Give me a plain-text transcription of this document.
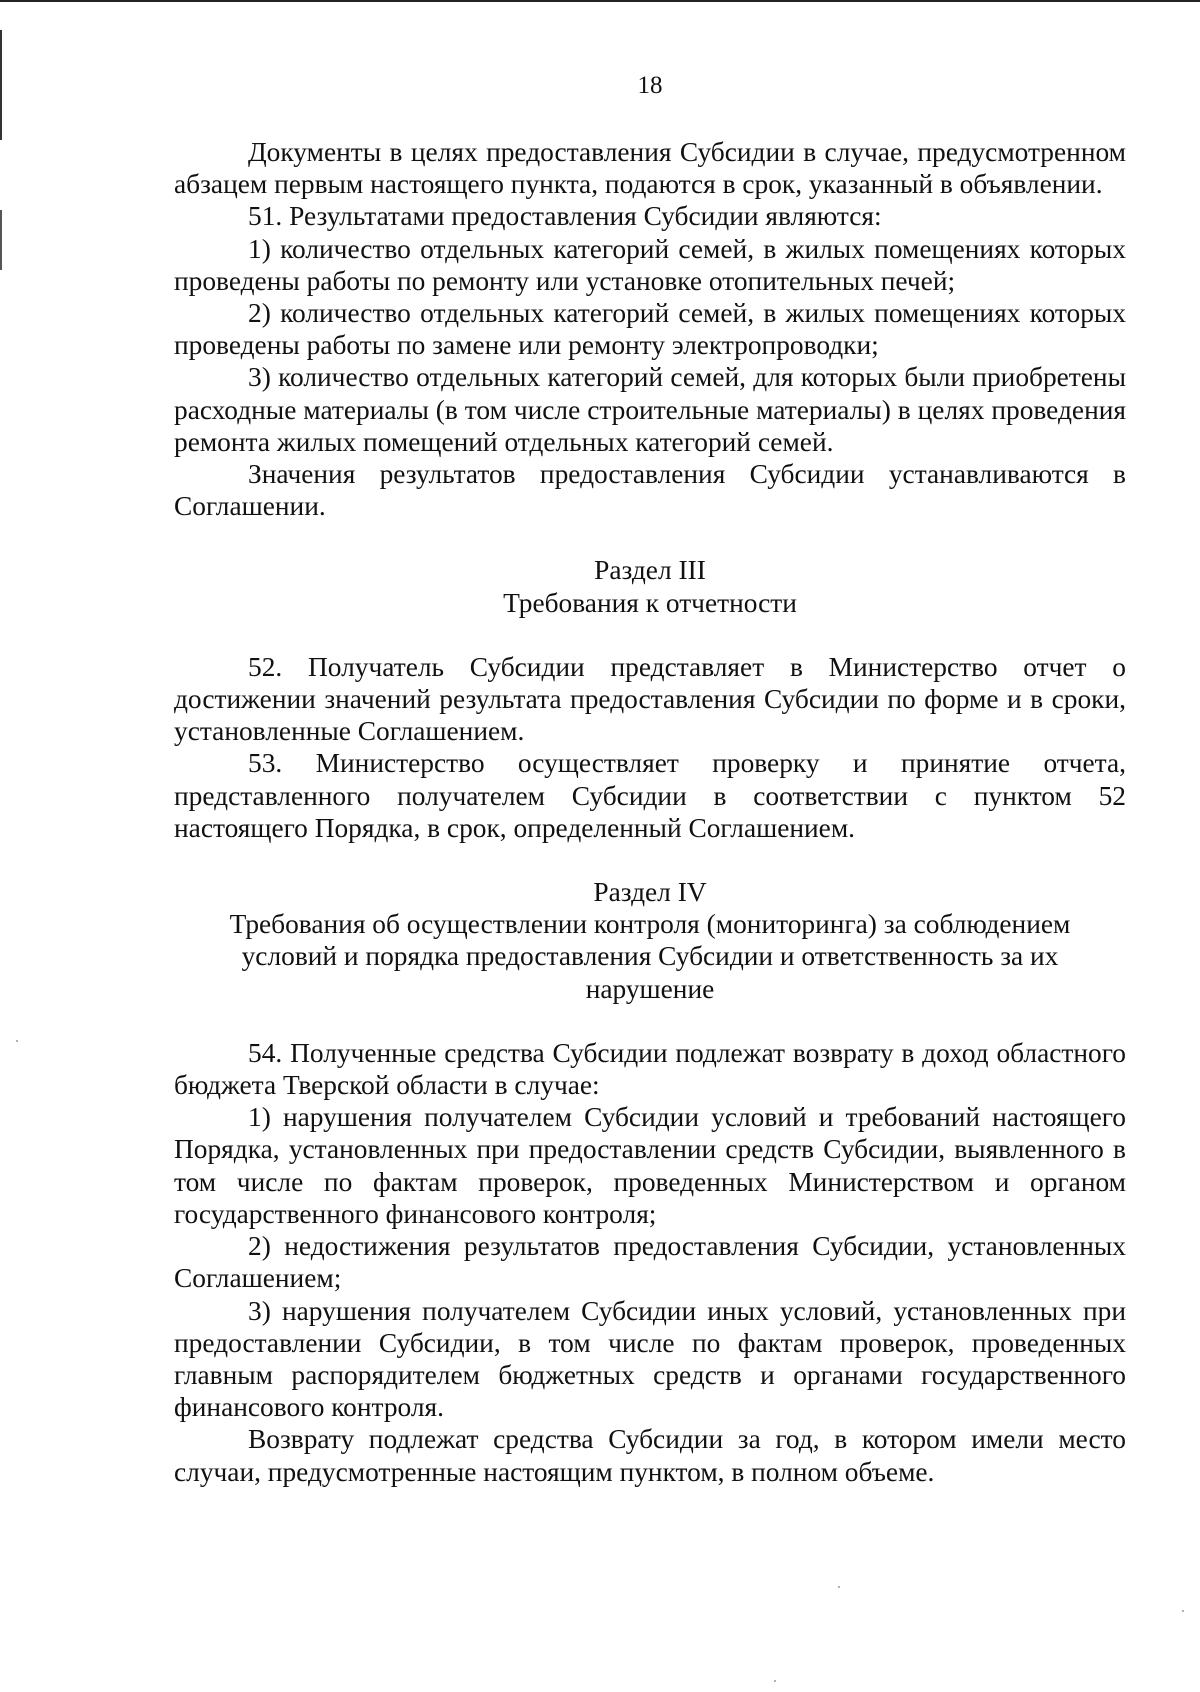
18

Документы в целях предоставления Субсидии в случае, предусмотренном абзацем первым настоящего пункта, подаются в срок, указанный в объявлении.

51. Результатами предоставления Субсидии являются:

1) количество отдельных категорий семей, в жилых помещениях которых проведены работы по ремонту или установке отопительных печей;

2) количество отдельных категорий семей, в жилых помещениях которых проведены работы по замене или ремонту электропроводки;

3) количество отдельных категорий семей, для которых были приобретены расходные материалы (в том числе строительные материалы) в целях проведения ремонта жилых помещений отдельных категорий семей.

Значения результатов предоставления Субсидии устанавливаются в Соглашении.

Раздел III

Требования к отчетности

52. Получатель Субсидии представляет в Министерство отчет о достижении значений результата предоставления Субсидии по форме и в сроки, установленные Соглашением.

53. Министерство осуществляет проверку и принятие отчета, представленного получателем Субсидии в соответствии с пунктом 52 настоящего Порядка, в срок, определенный Соглашением.

Раздел IV

Требования об осуществлении контроля (мониторинга) за соблюдением

условий и порядка предоставления Субсидии и ответственность за их

нарушение

54. Полученные средства Субсидии подлежат возврату в доход областного бюджета Тверской области в случае:

1) нарушения получателем Субсидии условий и требований настоящего Порядка, установленных при предоставлении средств Субсидии, выявленного в том числе по фактам проверок, проведенных Министерством и органом государственного финансового контроля;

2) недостижения результатов предоставления Субсидии, установленных Соглашением;

3) нарушения получателем Субсидии иных условий, установленных при предоставлении Субсидии, в том числе по фактам проверок, проведенных главным распорядителем бюджетных средств и органами государственного финансового контроля.

Возврату подлежат средства Субсидии за год, в котором имели место случаи, предусмотренные настоящим пунктом, в полном объеме.
